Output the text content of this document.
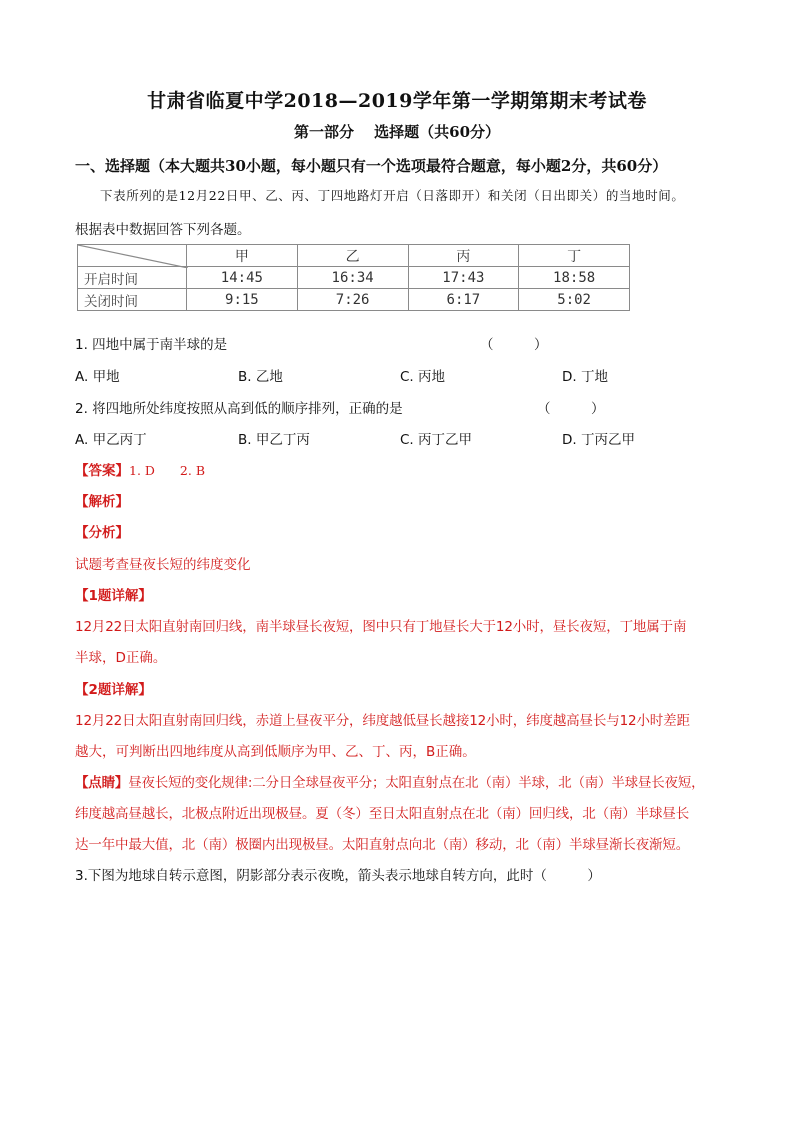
甘肃省临夏中学2018—2019学年第一学期第期末考试卷
第一部分　 选择题（共60分）
一、选择题（本大题共30小题，每小题只有一个选项最符合题意，每小题2分，共60分）
下表所列的是12月22日甲、乙、丙、丁四地路灯开启（日落即开）和关闭（日出即关）的当地时间。
根据表中数据回答下列各题。
	甲	乙	丙	丁
开启时间	14:45	16:34	17:43	18:58
关闭时间	9:15	7:26	6:17	5:02
1. 四地中属于南半球的是	（　　　）
A. 甲地	B. 乙地	C. 丙地	D. 丁地
2. 将四地所处纬度按照从高到低的顺序排列，正确的是	（　　　）
A. 甲乙丙丁	B. 甲乙丁丙	C. 丙丁乙甲	D. 丁丙乙甲
【答案】1. D　　2. B
【解析】
【分析】
试题考查昼夜长短的纬度变化
【1题详解】
12月22日太阳直射南回归线，南半球昼长夜短，图中只有丁地昼长大于12小时，昼长夜短，丁地属于南
半球，D正确。
【2题详解】
12月22日太阳直射南回归线，赤道上昼夜平分，纬度越低昼长越接12小时，纬度越高昼长与12小时差距
越大，可判断出四地纬度从高到低顺序为甲、乙、丁、丙，B正确。
【点睛】昼夜长短的变化规律:二分日全球昼夜平分；太阳直射点在北（南）半球，北（南）半球昼长夜短，
纬度越高昼越长，北极点附近出现极昼。夏（冬）至日太阳直射点在北（南）回归线，北（南）半球昼长
达一年中最大值，北（南）极圈内出现极昼。太阳直射点向北（南）移动，北（南）半球昼渐长夜渐短。
3.下图为地球自转示意图，阴影部分表示夜晚，箭头表示地球自转方向，此时（　　　）
